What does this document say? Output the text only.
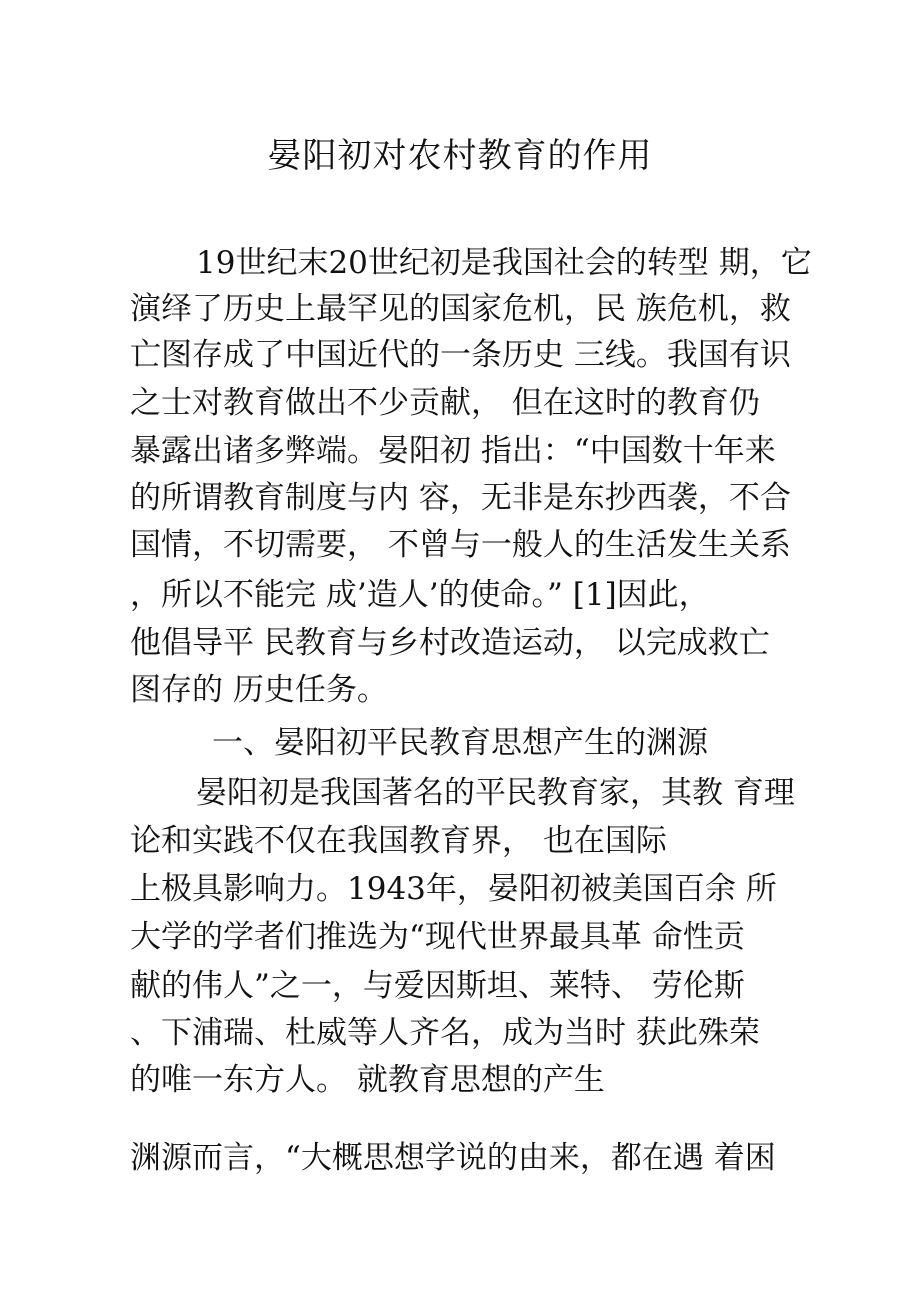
晏阳初对农村教育的作用
19世纪末20世纪初是我国社会的转型 期，它
演绎了历史上最罕见的国家危机，民 族危机，救
亡图存成了中国近代的一条历史 三线。我国有识
之士对教育做出不少贡献， 但在这时的教育仍
暴露出诸多弊端。晏阳初 指出：“中国数十年来
的所谓教育制度与内 容，无非是东抄西袭，不合
国情，不切需要， 不曾与一般人的生活发生关系
，所以不能完 成’造人’的使命。” [1]因此，
他倡导平 民教育与乡村改造运动， 以完成救亡
图存的 历史任务。
一、晏阳初平民教育思想产生的渊源
晏阳初是我国著名的平民教育家，其教 育理
论和实践不仅在我国教育界， 也在国际
上极具影响力。1943年，晏阳初被美国百余 所
大学的学者们推选为“现代世界最具革 命性贡
献的伟人”之一，与爱因斯坦、莱特、 劳伦斯
、下浦瑞、杜威等人齐名，成为当时 获此殊荣
的唯一东方人。 就教育思想的产生
渊源而言，“大概思想学说的由来，都在遇 着困
